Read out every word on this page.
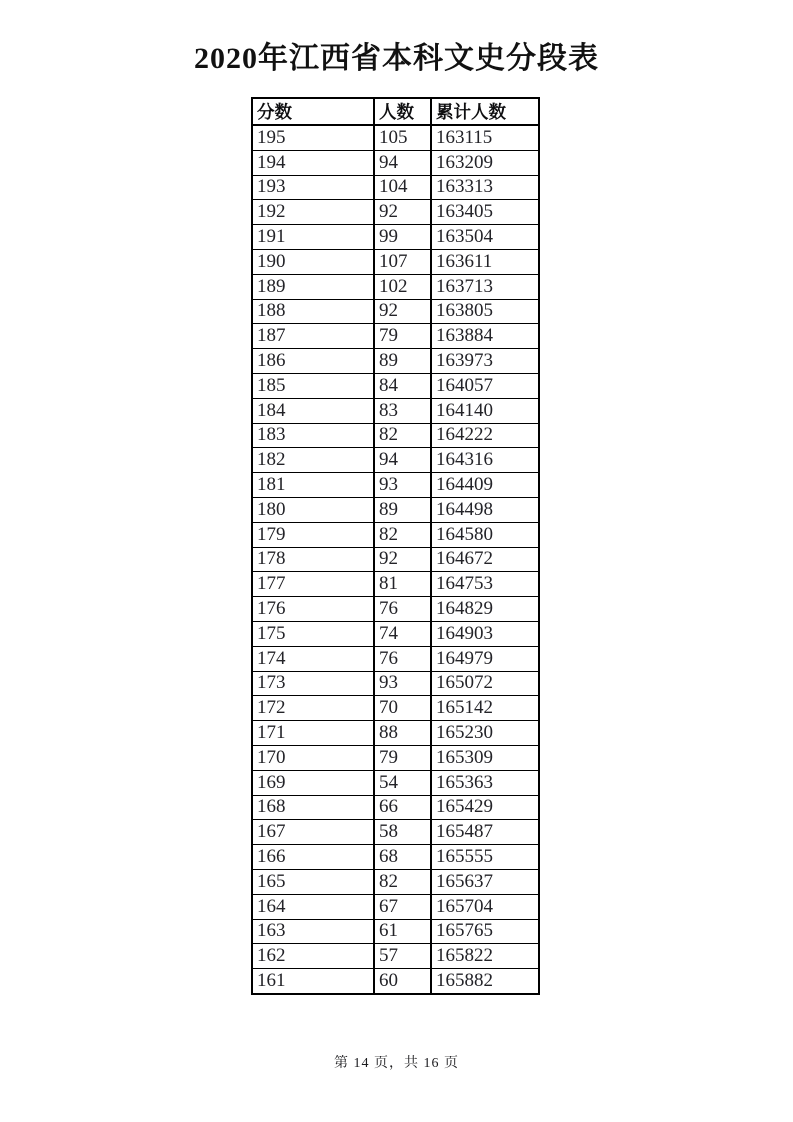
2020年江西省本科文史分段表
分数	人数	累计人数
195	105	163115
194	94	163209
193	104	163313
192	92	163405
191	99	163504
190	107	163611
189	102	163713
188	92	163805
187	79	163884
186	89	163973
185	84	164057
184	83	164140
183	82	164222
182	94	164316
181	93	164409
180	89	164498
179	82	164580
178	92	164672
177	81	164753
176	76	164829
175	74	164903
174	76	164979
173	93	165072
172	70	165142
171	88	165230
170	79	165309
169	54	165363
168	66	165429
167	58	165487
166	68	165555
165	82	165637
164	67	165704
163	61	165765
162	57	165822
161	60	165882
第 14 页，共 16 页
